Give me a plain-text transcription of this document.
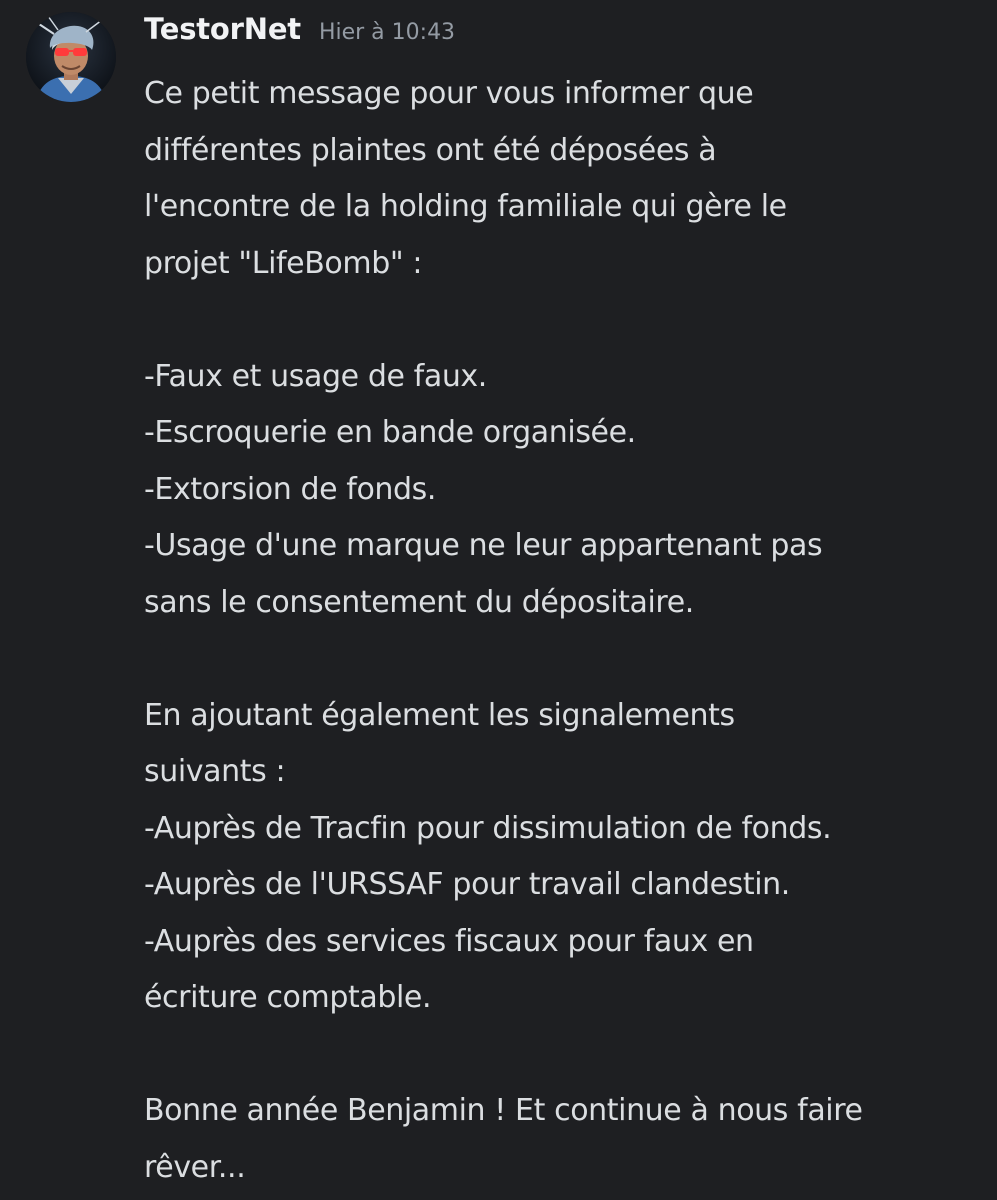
TestorNet Hier à 10:43
Ce petit message pour vous informer que
différentes plaintes ont été déposées à
l'encontre de la holding familiale qui gère le
projet "LifeBomb" :

-Faux et usage de faux.
-Escroquerie en bande organisée.
-Extorsion de fonds.
-Usage d'une marque ne leur appartenant pas
sans le consentement du dépositaire.

En ajoutant également les signalements
suivants :
-Auprès de Tracfin pour dissimulation de fonds.
-Auprès de l'URSSAF pour travail clandestin.
-Auprès des services fiscaux pour faux en
écriture comptable.

Bonne année Benjamin ! Et continue à nous faire
rêver...
